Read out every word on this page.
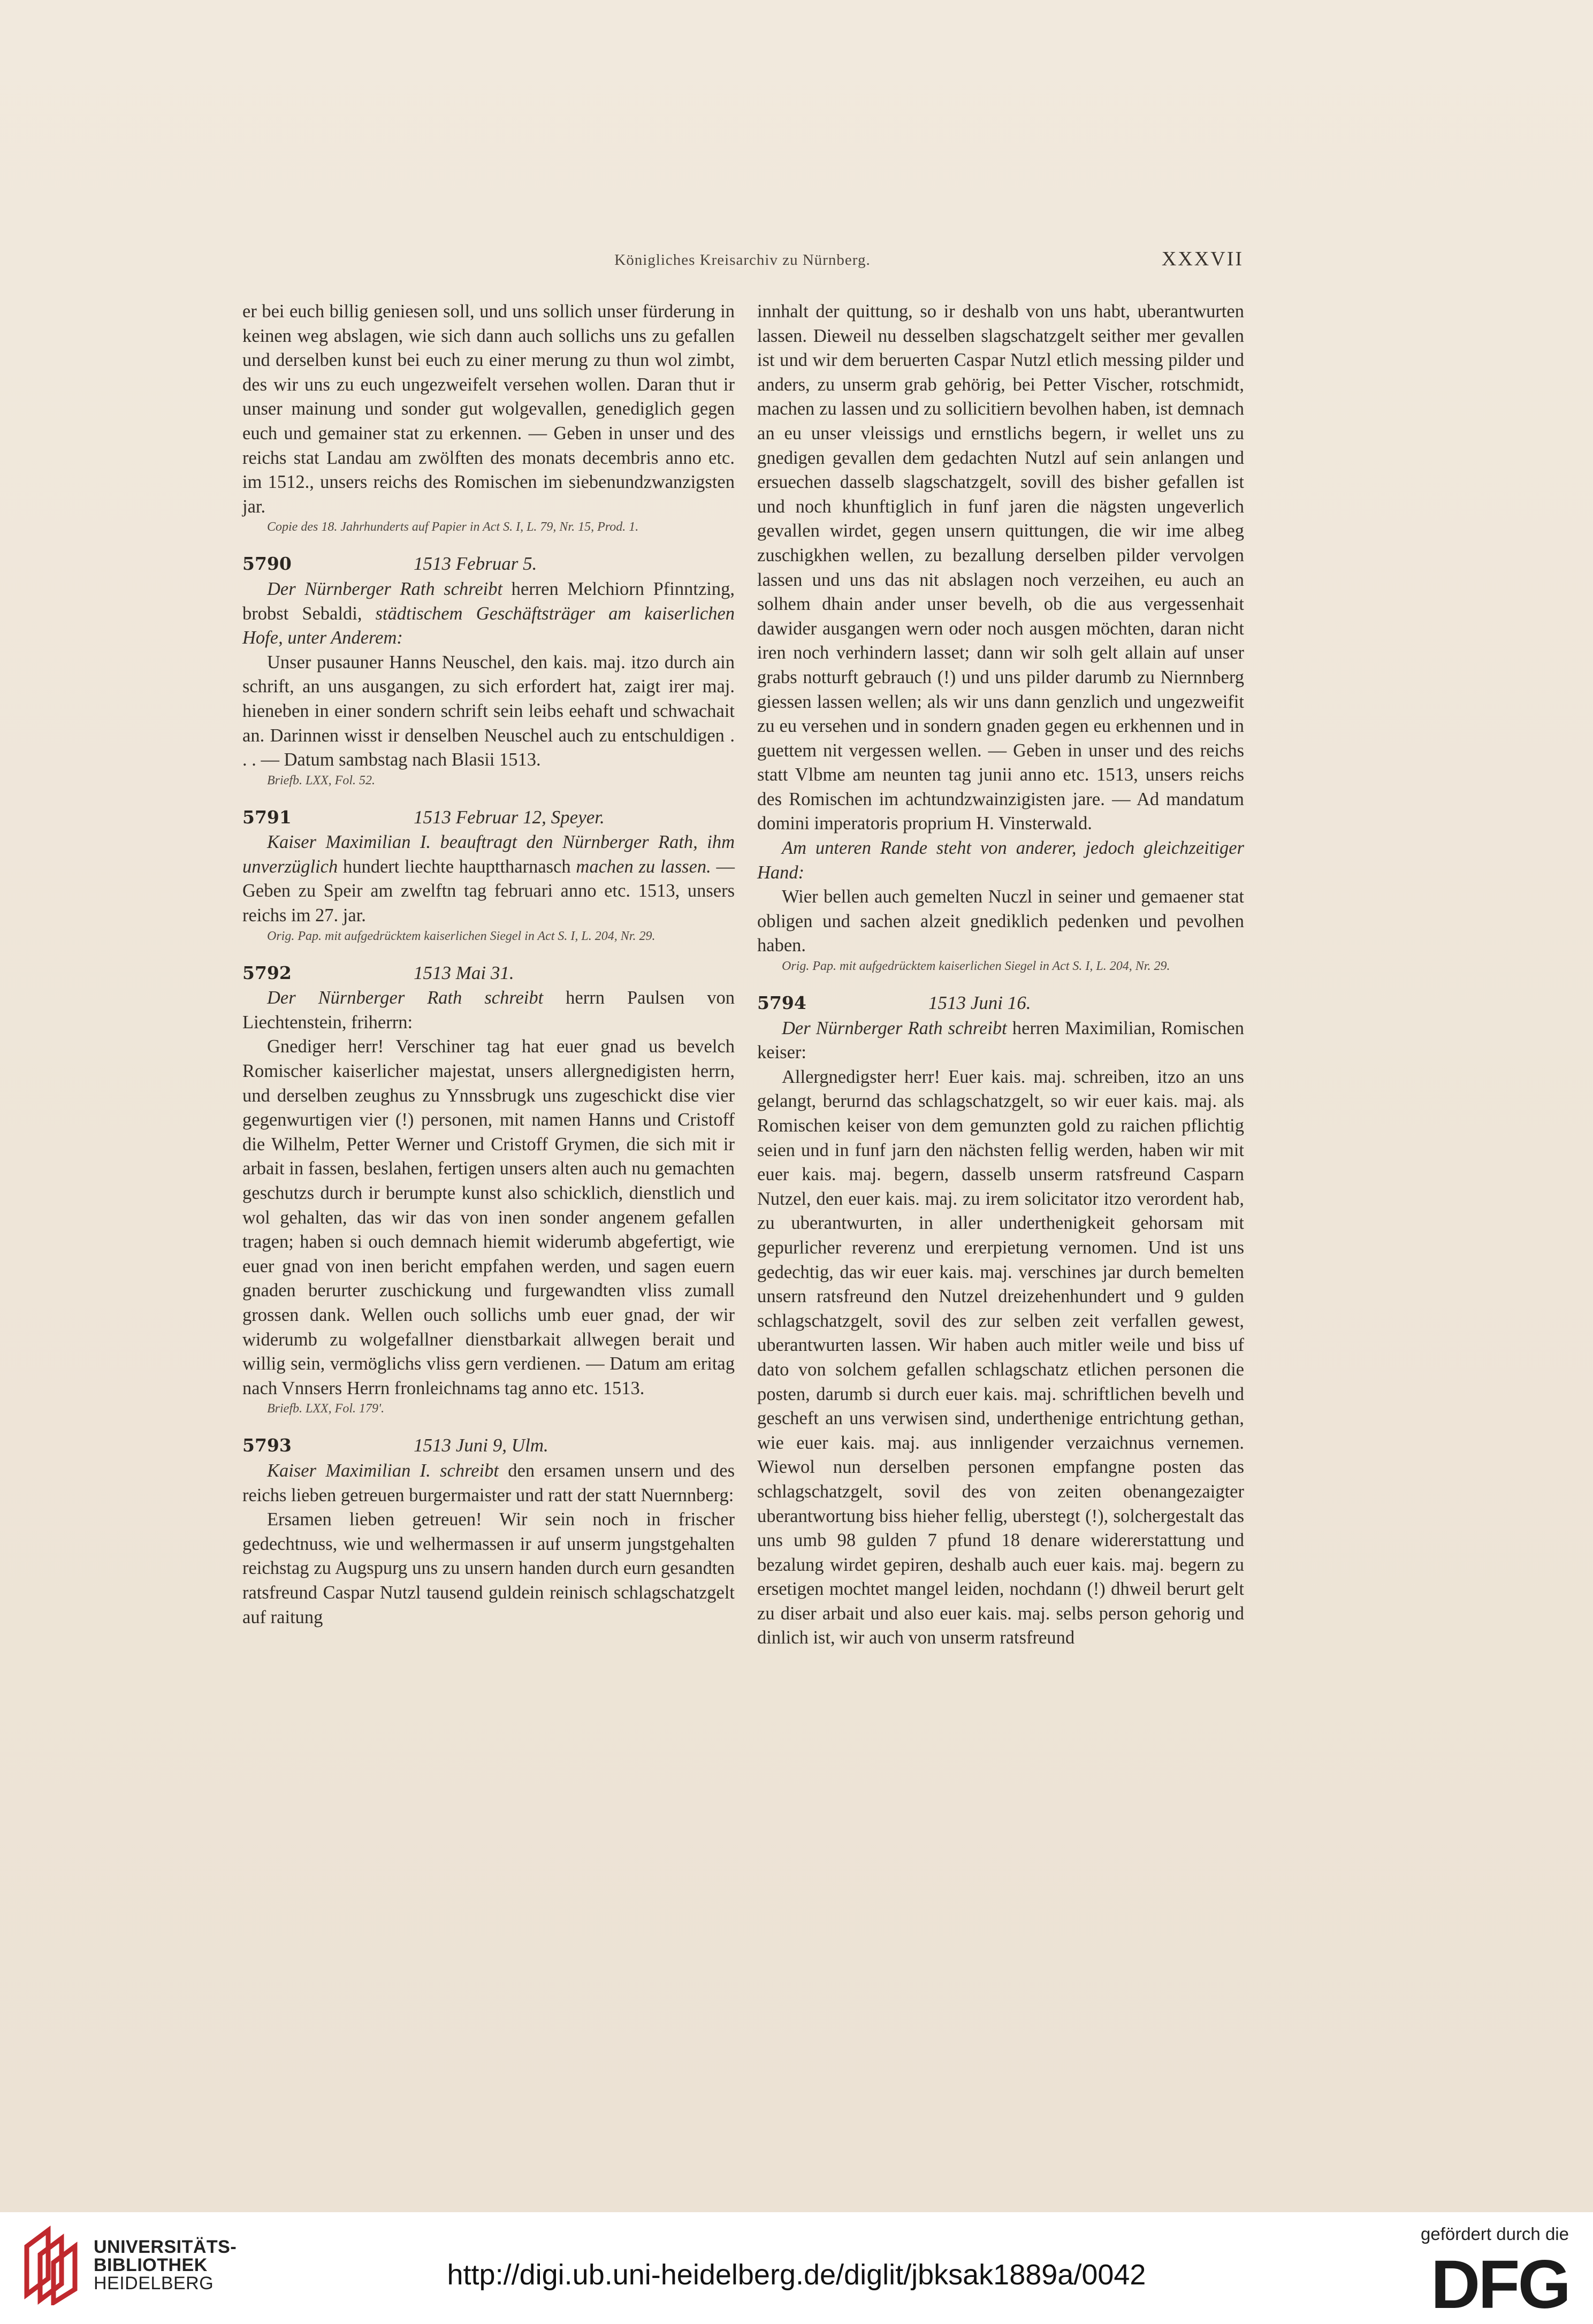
Königliches Kreisarchiv zu Nürnberg.	XXXVII

er bei euch billig geniesen soll, und uns sollich unser fürderung in keinen weg abslagen, wie sich dann auch sollichs uns zu gefallen und derselben kunst bei euch zu einer merung zu thun wol zimbt, des wir uns zu euch ungezweifelt versehen wollen. Daran thut ir unser mainung und sonder gut wolgevallen, genediglich gegen euch und gemainer stat zu erkennen. — Geben in unser und des reichs stat Landau am zwölften des monats decembris anno etc. im 1512., unsers reichs des Romischen im siebenundzwanzigsten jar.

Copie des 18. Jahrhunderts auf Papier in Act S. I, L. 79, Nr. 15, Prod. 1.

5790	1513 Februar 5.

Der Nürnberger Rath schreibt herren Melchiorn Pfinntzing, brobst Sebaldi, städtischem Geschäftsträger am kaiserlichen Hofe, unter Anderem:

Unser pusauner Hanns Neuschel, den kais. maj. itzo durch ain schrift, an uns ausgangen, zu sich erfordert hat, zaigt irer maj. hieneben in einer sondern schrift sein leibs eehaft und schwachait an. Darinnen wisst ir denselben Neuschel auch zu entschuldigen . . . — Datum sambstag nach Blasii 1513.

Briefb. LXX, Fol. 52.

5791	1513 Februar 12, Speyer.

Kaiser Maximilian I. beauftragt den Nürnberger Rath, ihm unverzüglich hundert liechte haupttharnasch machen zu lassen. — Geben zu Speir am zwelftn tag februari anno etc. 1513, unsers reichs im 27. jar.

Orig. Pap. mit aufgedrücktem kaiserlichen Siegel in Act S. I, L. 204, Nr. 29.

5792	1513 Mai 31.

Der Nürnberger Rath schreibt herrn Paulsen von Liechtenstein, friherrn:

Gnediger herr! Verschiner tag hat euer gnad us bevelch Romischer kaiserlicher majestat, unsers allergnedigisten herrn, und derselben zeughus zu Ynnssbrugk uns zugeschickt dise vier gegenwurtigen vier (!) personen, mit namen Hanns und Cristoff die Wilhelm, Petter Werner und Cristoff Grymen, die sich mit ir arbait in fassen, beslahen, fertigen unsers alten auch nu gemachten geschutzs durch ir berumpte kunst also schicklich, dienstlich und wol gehalten, das wir das von inen sonder angenem gefallen tragen; haben si ouch demnach hiemit widerumb abgefertigt, wie euer gnad von inen bericht empfahen werden, und sagen euern gnaden berurter zuschickung und furgewandten vliss zumall grossen dank. Wellen ouch sollichs umb euer gnad, der wir widerumb zu wolgefallner dienstbarkait allwegen berait und willig sein, vermöglichs vliss gern verdienen. — Datum am eritag nach Vnnsers Herrn fronleichnams tag anno etc. 1513.

Briefb. LXX, Fol. 179'.

5793	1513 Juni 9, Ulm.

Kaiser Maximilian I. schreibt den ersamen unsern und des reichs lieben getreuen burgermaister und ratt der statt Nuernnberg:

Ersamen lieben getreuen! Wir sein noch in frischer gedechtnuss, wie und welhermassen ir auf unserm jungstgehalten reichstag zu Augspurg uns zu unsern handen durch eurn gesandten ratsfreund Caspar Nutzl tausend guldein reinisch schlagschatzgelt auf raitung

innhalt der quittung, so ir deshalb von uns habt, uberantwurten lassen. Dieweil nu desselben slagschatzgelt seither mer gevallen ist und wir dem beruerten Caspar Nutzl etlich messing pilder und anders, zu unserm grab gehörig, bei Petter Vischer, rotschmidt, machen zu lassen und zu sollicitiern bevolhen haben, ist demnach an eu unser vleissigs und ernstlichs begern, ir wellet uns zu gnedigen gevallen dem gedachten Nutzl auf sein anlangen und ersuechen dasselb slagschatzgelt, sovill des bisher gefallen ist und noch khunftiglich in funf jaren die nägsten ungeverlich gevallen wirdet, gegen unsern quittungen, die wir ime albeg zuschigkhen wellen, zu bezallung derselben pilder vervolgen lassen und uns das nit abslagen noch verzeihen, eu auch an solhem dhain ander unser bevelh, ob die aus vergessenhait dawider ausgangen wern oder noch ausgen möchten, daran nicht iren noch verhindern lasset; dann wir solh gelt allain auf unser grabs notturft gebrauch (!) und uns pilder darumb zu Niernnberg giessen lassen wellen; als wir uns dann genzlich und ungezweifit zu eu versehen und in sondern gnaden gegen eu erkhennen und in guettem nit vergessen wellen. — Geben in unser und des reichs statt Vlbme am neunten tag junii anno etc. 1513, unsers reichs des Romischen im achtundzwainzigisten jare. — Ad mandatum domini imperatoris proprium H. Vinsterwald.

Am unteren Rande steht von anderer, jedoch gleichzeitiger Hand:

Wier bellen auch gemelten Nuczl in seiner und gemaener stat obligen und sachen alzeit gnediklich pedenken und pevolhen haben.

Orig. Pap. mit aufgedrücktem kaiserlichen Siegel in Act S. I, L. 204, Nr. 29.

5794	1513 Juni 16.

Der Nürnberger Rath schreibt herren Maximilian, Romischen keiser:

Allergnedigster herr! Euer kais. maj. schreiben, itzo an uns gelangt, berurnd das schlagschatzgelt, so wir euer kais. maj. als Romischen keiser von dem gemunzten gold zu raichen pflichtig seien und in funf jarn den nächsten fellig werden, haben wir mit euer kais. maj. begern, dasselb unserm ratsfreund Casparn Nutzel, den euer kais. maj. zu irem solicitator itzo verordent hab, zu uberantwurten, in aller underthenigkeit gehorsam mit gepurlicher reverenz und ererpietung vernomen. Und ist uns gedechtig, das wir euer kais. maj. verschines jar durch bemelten unsern ratsfreund den Nutzel dreizehenhundert und 9 gulden schlagschatzgelt, sovil des zur selben zeit verfallen gewest, uberantwurten lassen. Wir haben auch mitler weile und biss uf dato von solchem gefallen schlagschatz etlichen personen die posten, darumb si durch euer kais. maj. schriftlichen bevelh und gescheft an uns verwisen sind, underthenige entrichtung gethan, wie euer kais. maj. aus innligender verzaichnus vernemen. Wiewol nun derselben personen empfangne posten das schlagschatzgelt, sovil des von zeiten obenangezaigter uberantwortung biss hieher fellig, uberstegt (!), solchergestalt das uns umb 98 gulden 7 pfund 18 denare widererstattung und bezalung wirdet gepiren, deshalb auch euer kais. maj. begern zu ersetigen mochtet mangel leiden, nochdann (!) dhweil berurt gelt zu diser arbait und also euer kais. maj. selbs person gehorig und dinlich ist, wir auch von unserm ratsfreund

UNIVERSITÄTS-
BIBLIOTHEK
HEIDELBERG	http://digi.ub.uni-heidelberg.de/diglit/jbksak1889a/0042
gefördert durch die
DFG
